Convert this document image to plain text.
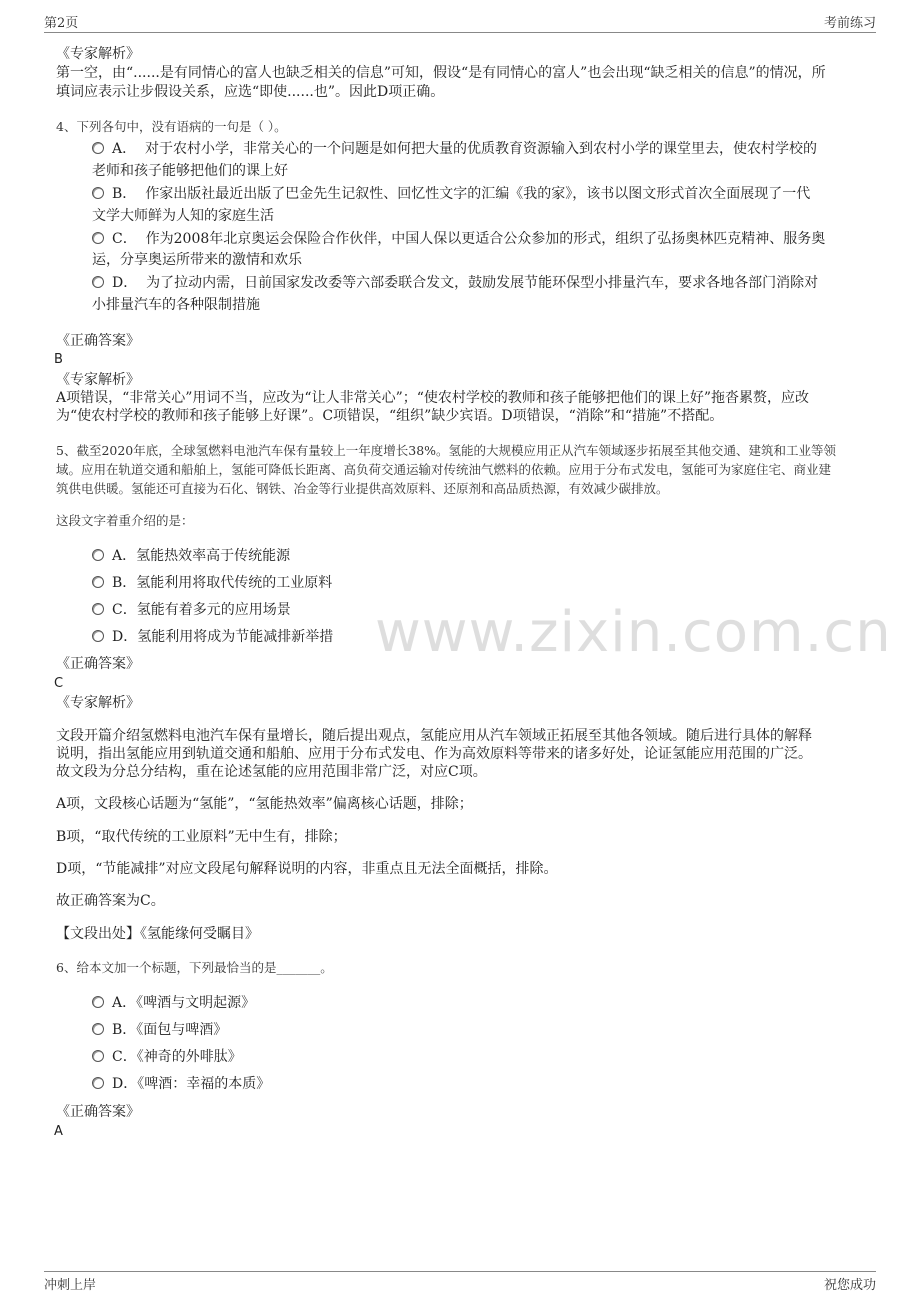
第2页	考前练习
www.zixin.com.cn
《专家解析》
第一空，由“......是有同情心的富人也缺乏相关的信息”可知，假设“是有同情心的富人”也会出现“缺乏相关的信息”的情况，所
填词应表示让步假设关系，应选“即使......也”。因此D项正确。
4、下列各句中，没有语病的一句是（ ）。
A． 对于农村小学，非常关心的一个问题是如何把大量的优质教育资源输入到农村小学的课堂里去，使农村学校的
老师和孩子能够把他们的课上好
B． 作家出版社最近出版了巴金先生记叙性、回忆性文字的汇编《我的家》，该书以图文形式首次全面展现了一代
文学大师鲜为人知的家庭生活
C． 作为2008年北京奥运会保险合作伙伴，中国人保以更适合公众参加的形式，组织了弘扬奥林匹克精神、服务奥
运，分享奥运所带来的激情和欢乐
D． 为了拉动内需，日前国家发改委等六部委联合发文，鼓励发展节能环保型小排量汽车，要求各地各部门消除对
小排量汽车的各种限制措施
《正确答案》
B
《专家解析》
A项错误，“非常关心”用词不当，应改为“让人非常关心”；“使农村学校的教师和孩子能够把他们的课上好”拖沓累赘，应改
为“使农村学校的教师和孩子能够上好课”。C项错误，“组织”缺少宾语。D项错误，“消除”和“措施”不搭配。
5、截至2020年底，全球氢燃料电池汽车保有量较上一年度增长38%。氢能的大规模应用正从汽车领域逐步拓展至其他交通、建筑和工业等领
域。应用在轨道交通和船舶上，氢能可降低长距离、高负荷交通运输对传统油气燃料的依赖。应用于分布式发电，氢能可为家庭住宅、商业建
筑供电供暖。氢能还可直接为石化、钢铁、冶金等行业提供高效原料、还原剂和高品质热源，有效减少碳排放。
这段文字着重介绍的是：
A．氢能热效率高于传统能源
B．氢能利用将取代传统的工业原料
C．氢能有着多元的应用场景
D．氢能利用将成为节能减排新举措
《正确答案》
C
《专家解析》
文段开篇介绍氢燃料电池汽车保有量增长，随后提出观点，氢能应用从汽车领域正拓展至其他各领域。随后进行具体的解释
说明，指出氢能应用到轨道交通和船舶、应用于分布式发电、作为高效原料等带来的诸多好处，论证氢能应用范围的广泛。
故文段为分总分结构，重在论述氢能的应用范围非常广泛，对应C项。
A项，文段核心话题为“氢能”，“氢能热效率”偏离核心话题，排除；
B项，“取代传统的工业原料”无中生有，排除；
D项，“节能减排”对应文段尾句解释说明的内容，非重点且无法全面概括，排除。
故正确答案为C。
【文段出处】《氢能缘何受瞩目》
6、给本文加一个标题，下列最恰当的是_______。
A．《啤酒与文明起源》
B．《面包与啤酒》
C．《神奇的外啡肽》
D．《啤酒：幸福的本质》
《正确答案》
A
冲刺上岸	祝您成功
